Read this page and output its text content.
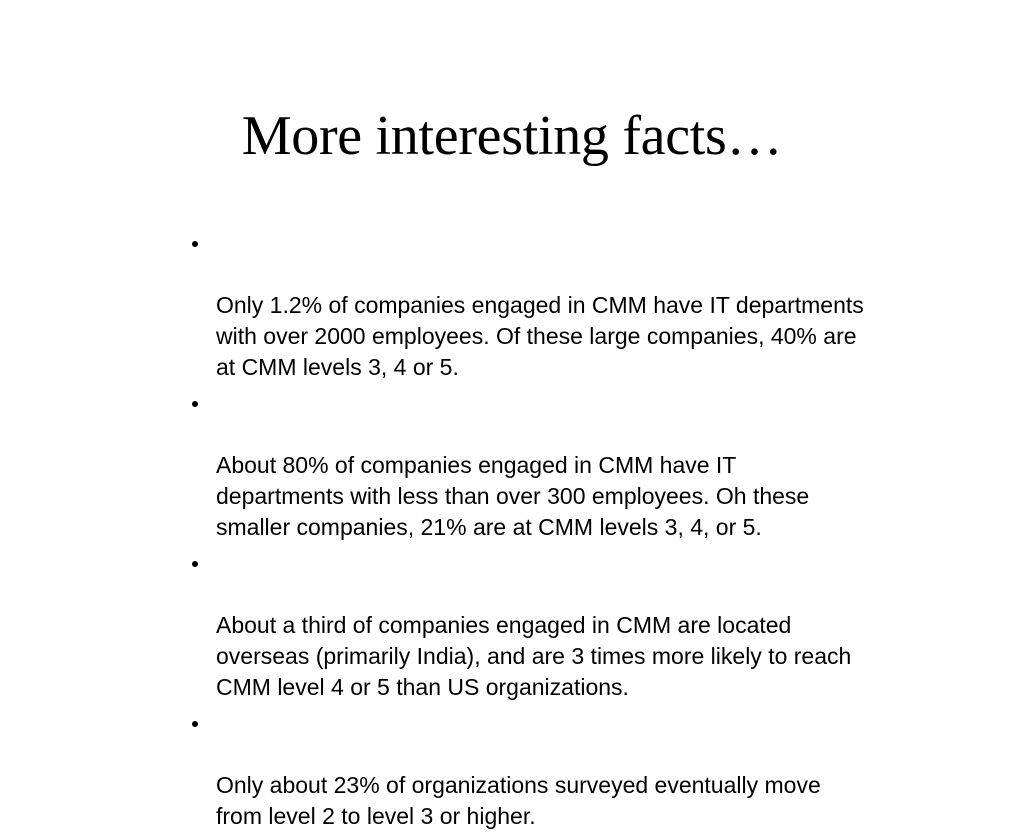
More interesting facts…

Only 1.2% of companies engaged in CMM have IT departments
with over 2000 employees. Of these large companies, 40% are
at CMM levels 3, 4 or 5.

About 80% of companies engaged in CMM have IT
departments with less than over 300 employees. Oh these
smaller companies, 21% are at CMM levels 3, 4, or 5.

About a third of companies engaged in CMM are located
overseas (primarily India), and are 3 times more likely to reach
CMM level 4 or 5 than US organizations.

Only about 23% of organizations surveyed eventually move
from level 2 to level 3 or higher.
